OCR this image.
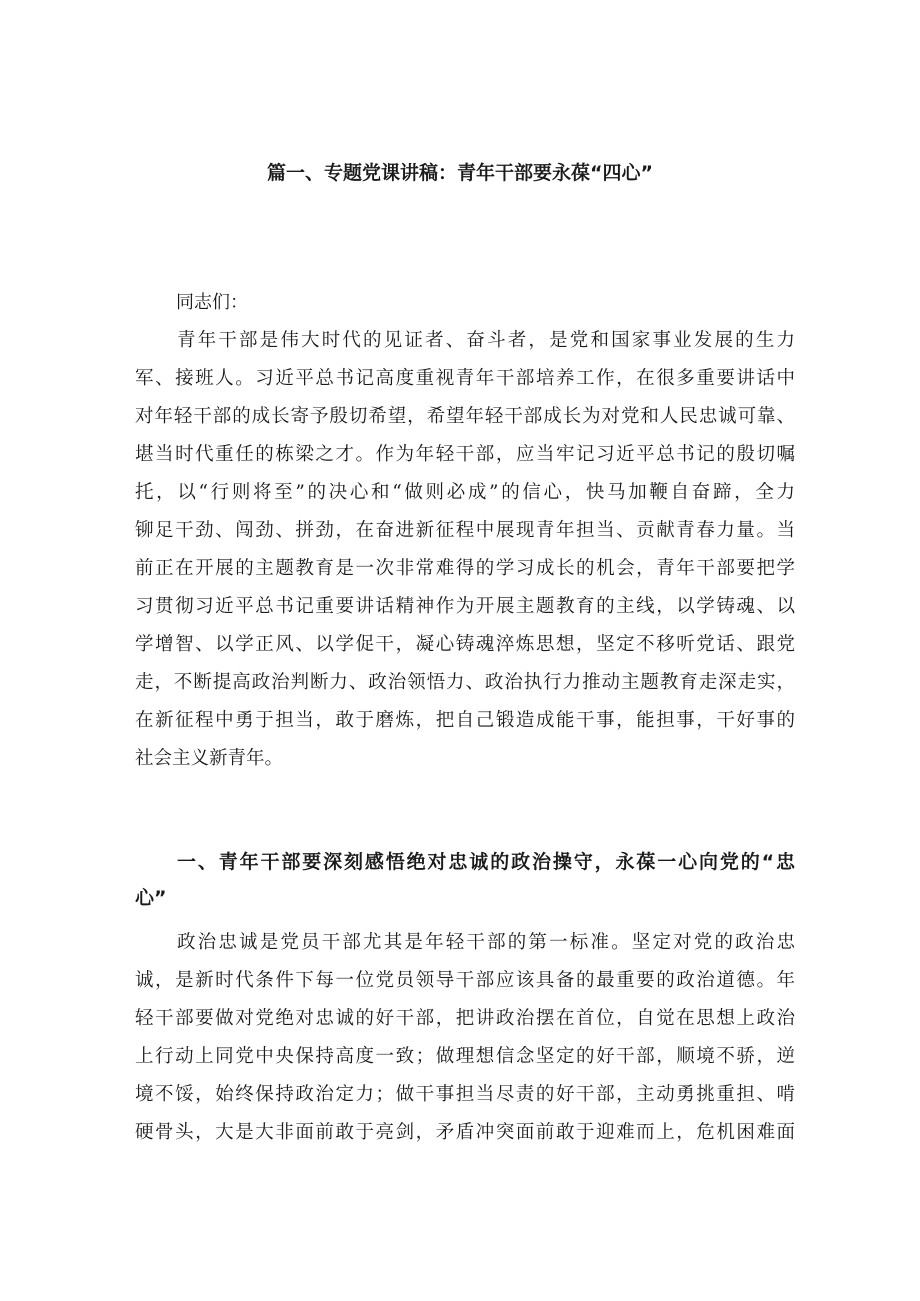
篇一、专题党课讲稿：青年干部要永葆“四心”

同志们：

青年干部是伟大时代的见证者、奋斗者，是党和国家事业发展的生力
军、接班人。习近平总书记高度重视青年干部培养工作，在很多重要讲话中
对年轻干部的成长寄予殷切希望，希望年轻干部成长为对党和人民忠诚可靠、
堪当时代重任的栋梁之才。作为年轻干部，应当牢记习近平总书记的殷切嘱
托，以“行则将至”的决心和“做则必成”的信心，快马加鞭自奋蹄，全力
铆足干劲、闯劲、拼劲，在奋进新征程中展现青年担当、贡献青春力量。当
前正在开展的主题教育是一次非常难得的学习成长的机会，青年干部要把学
习贯彻习近平总书记重要讲话精神作为开展主题教育的主线，以学铸魂、以
学增智、以学正风、以学促干，凝心铸魂淬炼思想，坚定不移听党话、跟党
走，不断提高政治判断力、政治领悟力、政治执行力推动主题教育走深走实，
在新征程中勇于担当，敢于磨炼，把自己锻造成能干事，能担事，干好事的
社会主义新青年。
一、青年干部要深刻感悟绝对忠诚的政治操守，永葆一心向党的“忠
心”
政治忠诚是党员干部尤其是年轻干部的第一标准。坚定对党的政治忠
诚，是新时代条件下每一位党员领导干部应该具备的最重要的政治道德。年
轻干部要做对党绝对忠诚的好干部，把讲政治摆在首位，自觉在思想上政治
上行动上同党中央保持高度一致；做理想信念坚定的好干部，顺境不骄，逆
境不馁，始终保持政治定力；做干事担当尽责的好干部，主动勇挑重担、啃
硬骨头，大是大非面前敢于亮剑，矛盾冲突面前敢于迎难而上，危机困难面
